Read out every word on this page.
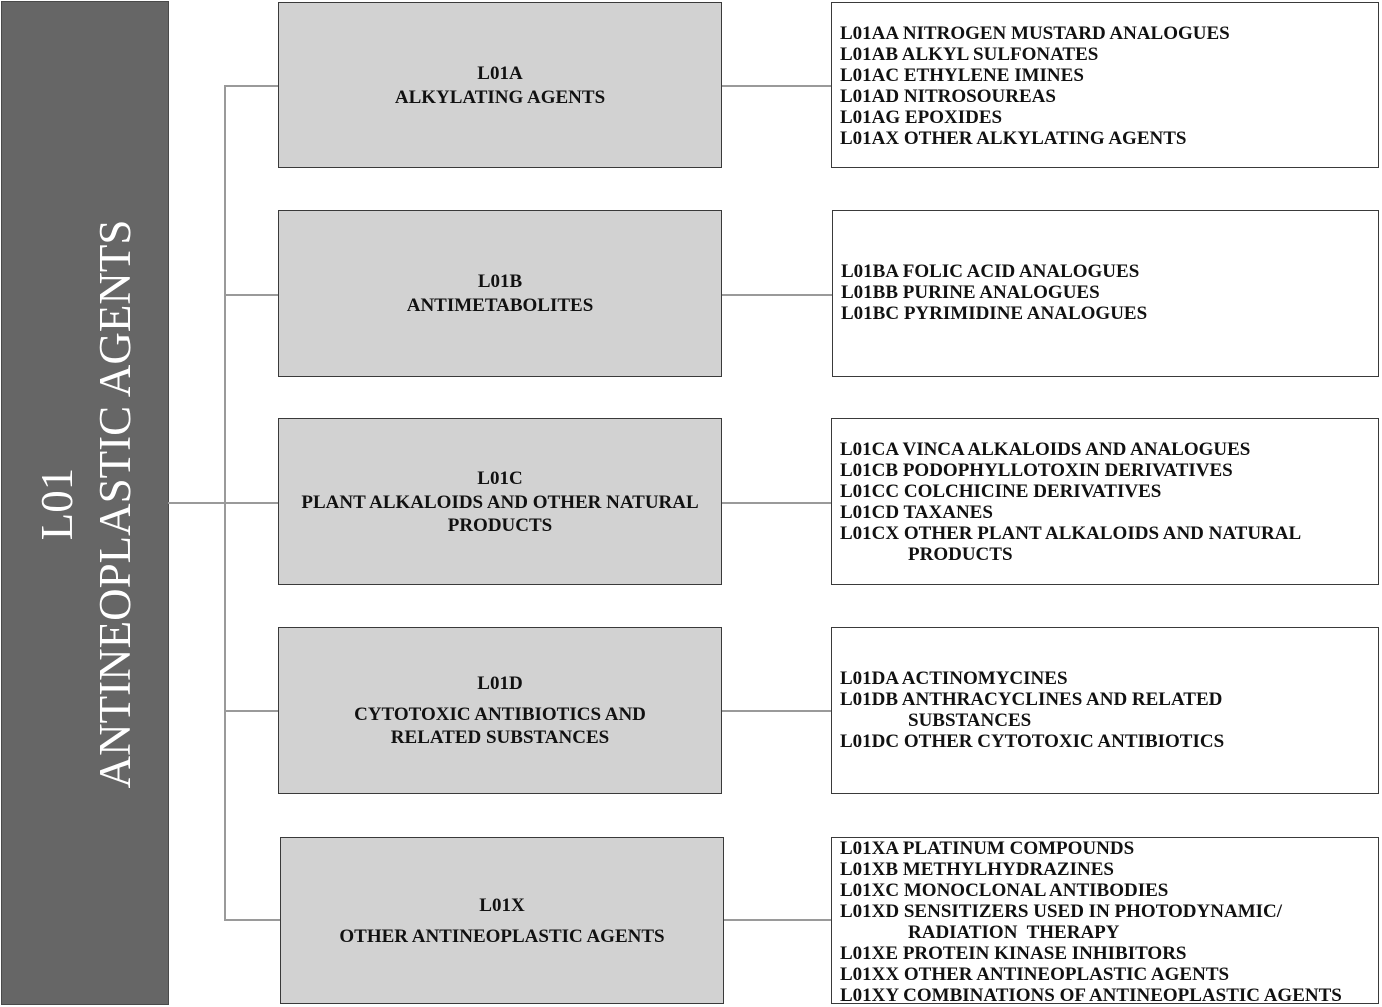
L01 ANTINEOPLASTIC AGENTS
L01A
ALKYLATING AGENTS
L01B
ANTIMETABOLITES
L01C
PLANT ALKALOIDS AND OTHER NATURAL PRODUCTS
L01D
CYTOTOXIC ANTIBIOTICS AND RELATED SUBSTANCES
L01X
OTHER ANTINEOPLASTIC AGENTS
L01AA NITROGEN MUSTARD ANALOGUES
L01AB ALKYL SULFONATES
L01AC ETHYLENE IMINES
L01AD NITROSOUREAS
L01AG EPOXIDES
L01AX OTHER ALKYLATING AGENTS
L01BA FOLIC ACID ANALOGUES
L01BB PURINE ANALOGUES
L01BC PYRIMIDINE ANALOGUES
L01CA VINCA ALKALOIDS AND ANALOGUES
L01CB PODOPHYLLOTOXIN DERIVATIVES
L01CC COLCHICINE DERIVATIVES
L01CD TAXANES
L01CX OTHER PLANT ALKALOIDS AND NATURAL
PRODUCTS
L01DA ACTINOMYCINES
L01DB ANTHRACYCLINES AND RELATED
SUBSTANCES
L01DC OTHER CYTOTOXIC ANTIBIOTICS
L01XA PLATINUM COMPOUNDS
L01XB METHYLHYDRAZINES
L01XC MONOCLONAL ANTIBODIES
L01XD SENSITIZERS USED IN PHOTODYNAMIC/
RADIATION  THERAPY
L01XE PROTEIN KINASE INHIBITORS
L01XX OTHER ANTINEOPLASTIC AGENTS
L01XY COMBINATIONS OF ANTINEOPLASTIC AGENTS
